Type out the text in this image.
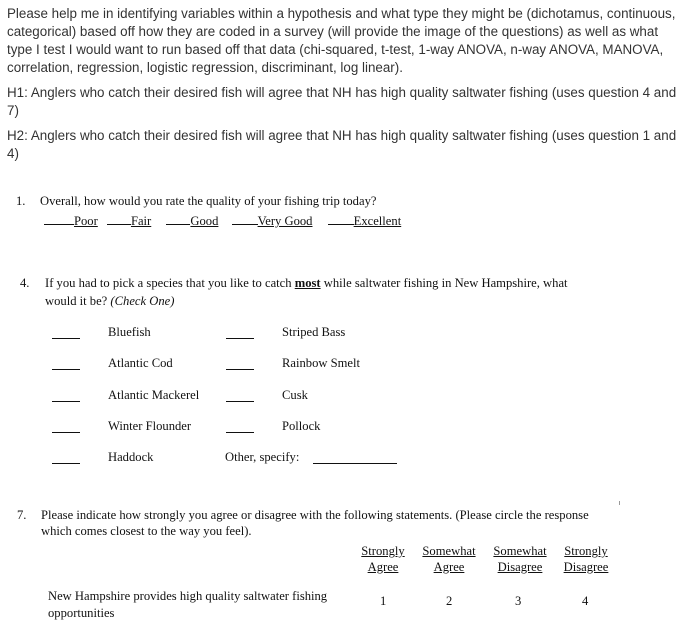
Please help me in identifying variables within a hypothesis and what type they might be (dichotamus, continuous, categorical) based off how they are coded in a survey (will provide the image of the questions) as well as what type I test I would want to run based off that data (chi-squared, t-test, 1-way ANOVA, n-way ANOVA, MANOVA, correlation, regression, logistic regression, discriminant, log linear).
H1: Anglers who catch their desired fish will agree that NH has high quality saltwater fishing (uses question 4 and 7)
H2: Anglers who catch their desired fish will agree that NH has high quality saltwater fishing (uses question 1 and 4)
1. Overall, how would you rate the quality of your fishing trip today?
Poor	Fair	Good	Very Good	Excellent
4. If you had to pick a species that you like to catch most while saltwater fishing in New Hampshire, what
would it be? (Check One)
Bluefish
Atlantic Cod
Atlantic Mackerel
Winter Flounder
Haddock
Striped Bass
Rainbow Smelt
Cusk
Pollock
Other, specify:
7. Please indicate how strongly you agree or disagree with the following statements. (Please circle the response
which comes closest to the way you feel).
Strongly
Agree
Somewhat
Agree
Somewhat
Disagree
Strongly
Disagree
New Hampshire provides high quality saltwater fishing
opportunities
1	2	3	4
